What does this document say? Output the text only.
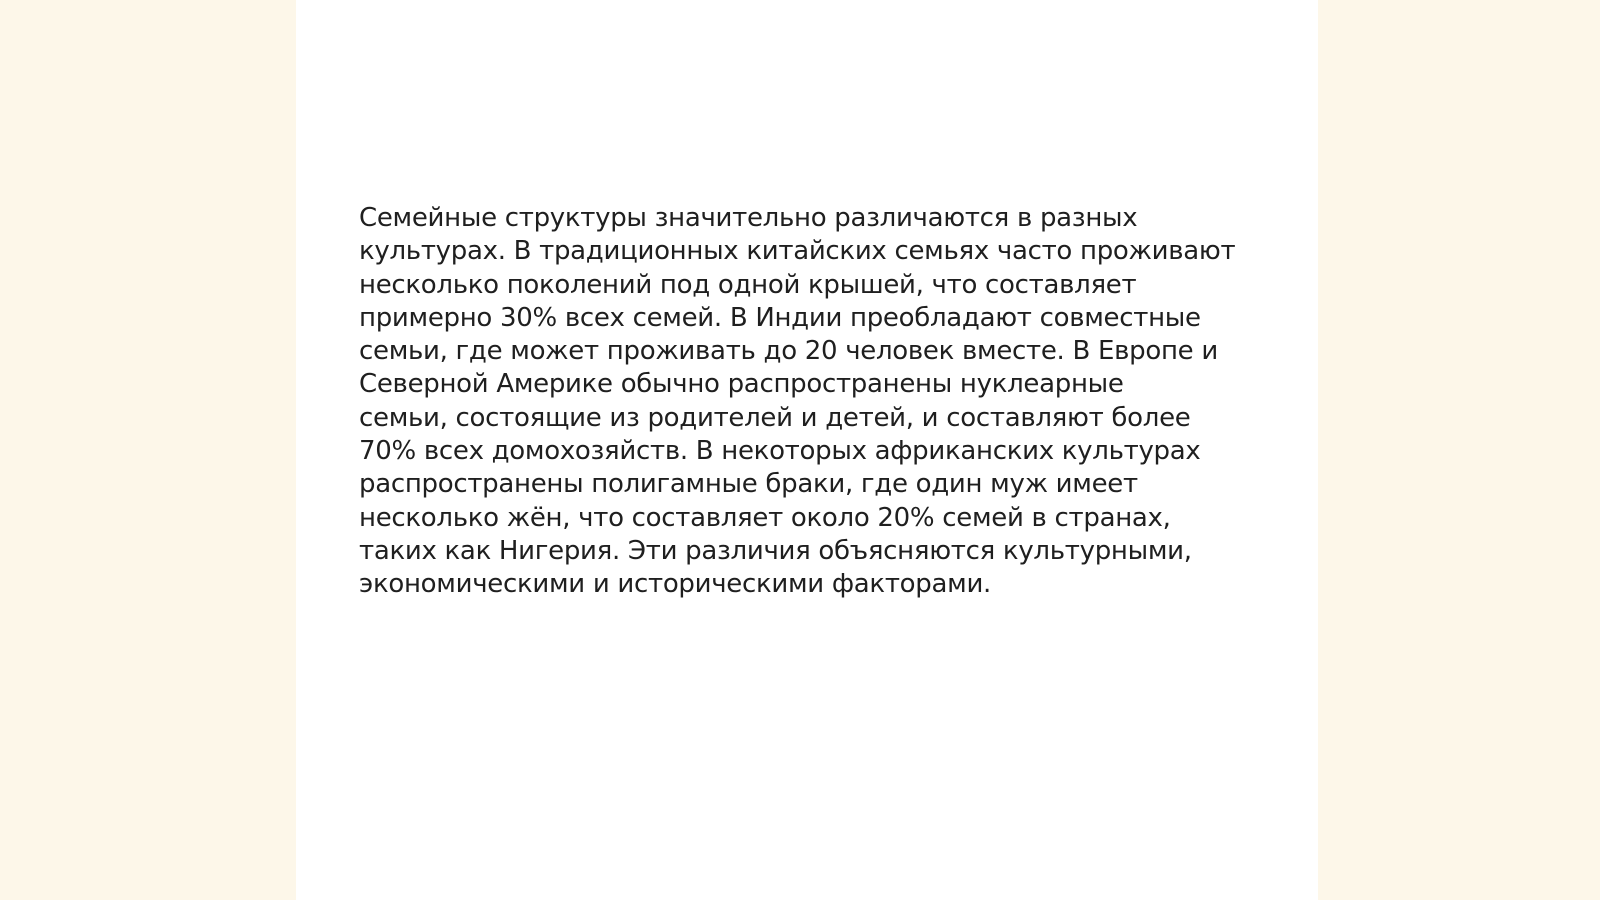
Семейные структуры значительно различаются в разных
культурах. В традиционных китайских семьях часто проживают
несколько поколений под одной крышей, что составляет
примерно 30% всех семей. В Индии преобладают совместные
семьи, где может проживать до 20 человек вместе. В Европе и
Северной Америке обычно распространены нуклеарные
семьи, состоящие из родителей и детей, и составляют более
70% всех домохозяйств. В некоторых африканских культурах
распространены полигамные браки, где один муж имеет
несколько жён, что составляет около 20% семей в странах,
таких как Нигерия. Эти различия объясняются культурными,
экономическими и историческими факторами.
